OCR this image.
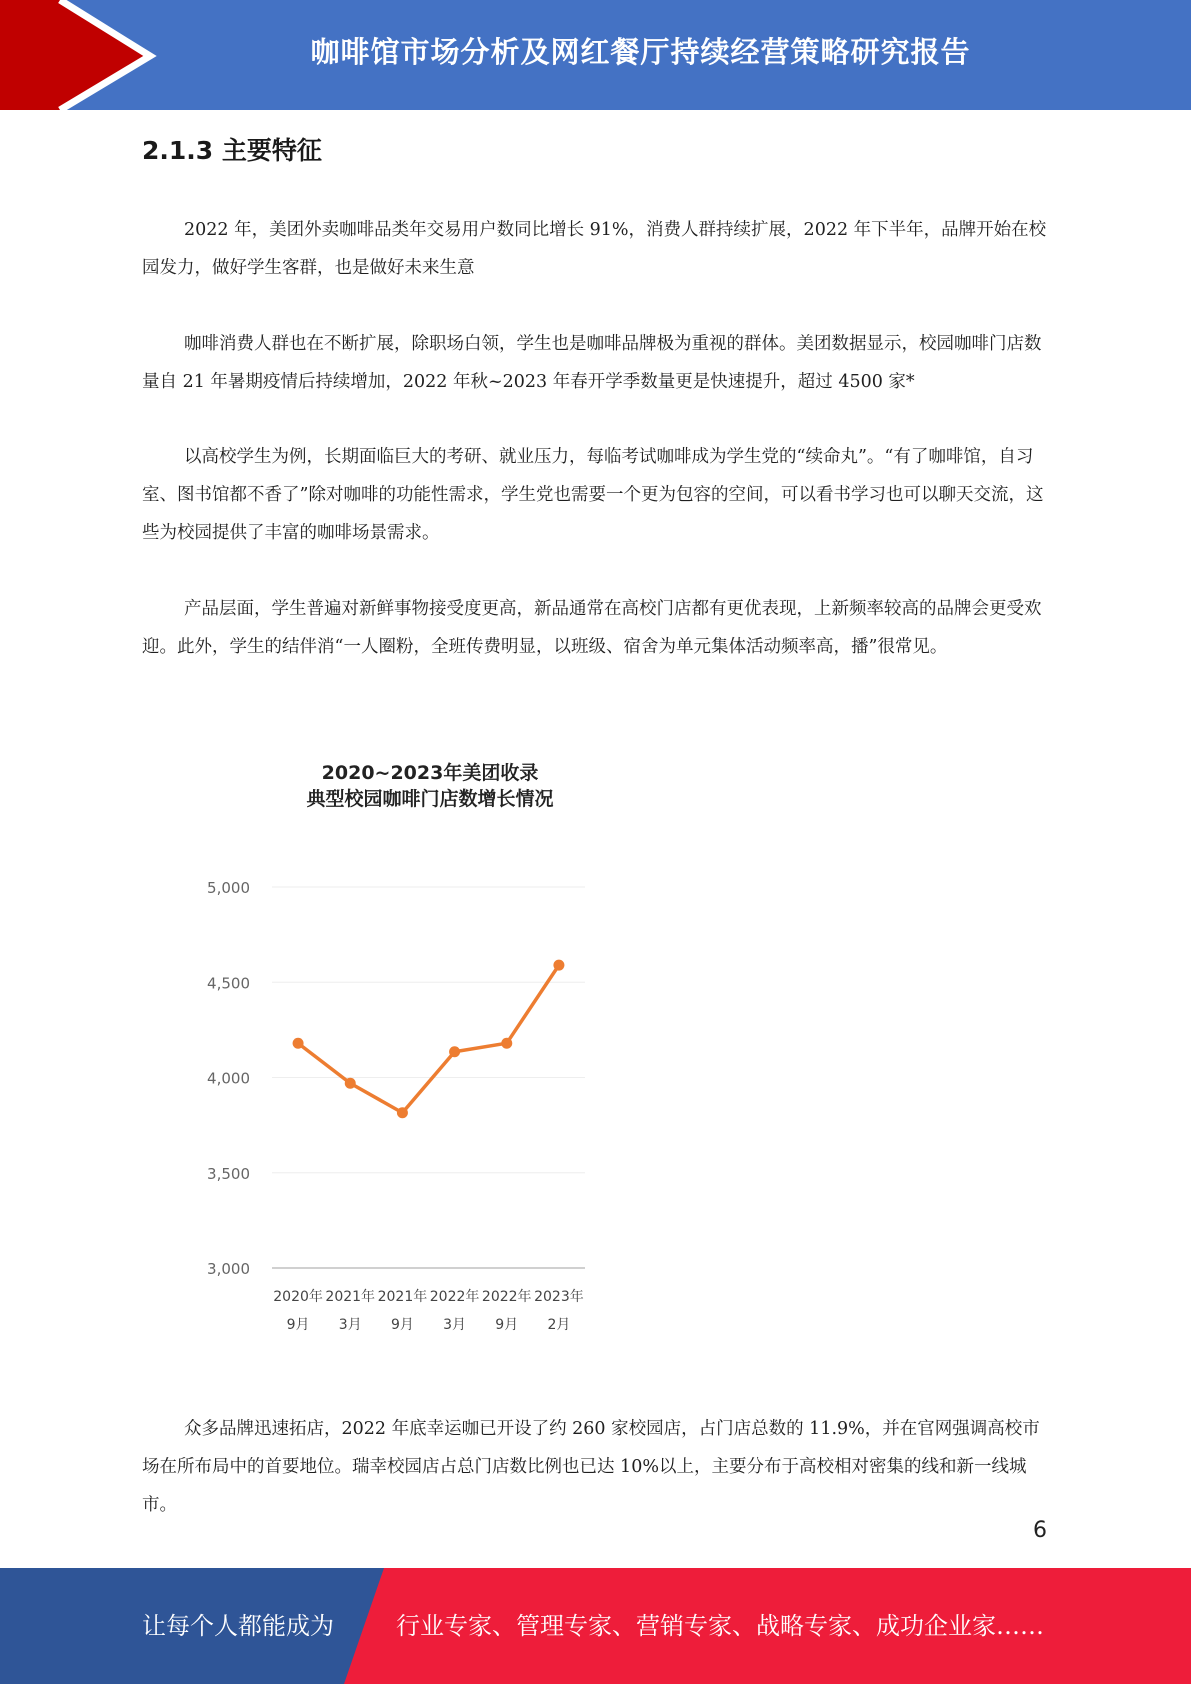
咖啡馆市场分析及网红餐厅持续经营策略研究报告
2.1.3 主要特征

2022 年，美团外卖咖啡品类年交易用户数同比增长 91%，消费人群持续扩展，2022 年下半年，品牌开始在校园发力，做好学生客群，也是做好未来生意

咖啡消费人群也在不断扩展，除职场白领，学生也是咖啡品牌极为重视的群体。美团数据显示，校园咖啡门店数量自 21 年暑期疫情后持续增加，2022 年秋~2023 年春开学季数量更是快速提升，超过 4500 家*

以高校学生为例，长期面临巨大的考研、就业压力，每临考试咖啡成为学生党的“续命丸”。“有了咖啡馆，自习室、图书馆都不香了”除对咖啡的功能性需求，学生党也需要一个更为包容的空间，可以看书学习也可以聊天交流，这些为校园提供了丰富的咖啡场景需求。

产品层面，学生普遍对新鲜事物接受度更高，新品通常在高校门店都有更优表现，上新频率较高的品牌会更受欢迎。此外，学生的结伴消“一人圈粉，全班传费明显，以班级、宿舍为单元集体活动频率高，播”很常见。

2020~2023年美团收录
典型校园咖啡门店数增长情况
3,000
3,500
4,000
4,500
5,000
2020年
9月
2021年
3月
2021年
9月
2022年
3月
2022年
9月
2023年
2月

众多品牌迅速拓店，2022 年底幸运咖已开设了约 260 家校园店，占门店总数的 11.9%，并在官网强调高校市场在所布局中的首要地位。瑞幸校园店占总门店数比例也已达 10%以上，主要分布于高校相对密集的线和新一线城市。

6
让每个人都能成为	行业专家、管理专家、营销专家、战略专家、成功企业家……
